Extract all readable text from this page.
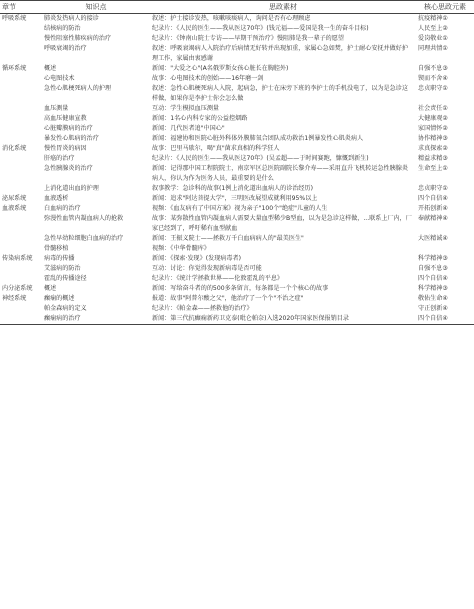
章节	知识点	思政素材	核心思政元素
呼吸系统	肺炎发热病人的接诊	叙述：护士接诊发热，咳嗽咳痰病人，询问是否有心理顾虑	抗疫精神①
	结核病的防治	纪录片：《人民的医生——我从医这70年》(钱元福——爱国是我一生的奋斗目标)	人民至上②
	慢性阻塞性肺疾病的治疗	纪录片：《钟南山院士专访——早期干预治疗》慢阻肺是我一辈子的愿望	爱岗敬业①
	呼吸衰竭的治疗	叙述：呼吸衰竭病人入院治疗后病情无好转并出现加重，家属心急如焚，护士耐心安抚并做好护理工作，家属由衷感谢	同理共情①
循环系统	概述	新闻："大爱之心"(A名俄罗斯女孩心脏长在胸腔外)	自强不息③
	心电图技术	故事：心电图技术的创始——16年磨一剑	锲而不舍④
	急性心肌梗死病人的护理	叙述：急性心肌梗死病人入院，起病急，护士在床旁下班的李护士的手机没电了，以为是急诊这样做，如果你是李护士你会怎么做	忠贞职守①
	血压测量	互动：学生模拟血压测量	社会责任①
	高血压健康宣教	新闻：1名心内科专家的公益控烟路	大健康观②
	心脏瓣膜病的治疗	新闻：几代医者追"中国心"	家国情怀②
	暴发性心肌病的治疗	新闻：福建协和医院心脏外科体外膜肺氧合团队成功救治1例暴发性心肌炎病人	协作精神③
消化系统	慢性胃炎的病因	故事：巴里马歇尔，喝"真"菌求真相的科学狂人	求真探索②
	肝癌的治疗	纪录片：《人民的医生——我从医这70年》(吴孟超——于时间赛跑，慷慨到新生)	精益求精③
	急性胰腺炎的治疗	新闻：记得那中国工程院院士，南京军区总医院副院长黎介寿——采用直升飞机转运急性胰腺炎病人，你认为作为医务人员，最重要的是什么	生命至上①
	上消化道出血的护理	叙事教学：急诊科的故事(1例上消化道出血病人的诊治经历)	忠贞职守①
泌尿系统	血液透析	新闻：追求"阿达菩提大学"，三明医改展望成就利用95%以上	四个自信④
血液系统	白血病的治疗	视频：《血友病有了中国方案》视为亲子"100个"绝症"儿童的人生	开拓创新④
	弥漫性血管内凝血病人的抢救	故事：某弥散性血管内凝血病人需要大量血型稀少B型血，以为是急诊这样做，...联系上厂内，厂家已经到了，呼吁稀有血型献血	奉献精神④
	急性早幼粒细胞白血病的治疗	新闻：王振义院士——拯救万千白血病病人的"最美医生"	大医精诚④
	骨髓移植	视频：《中华骨髓库》	
传染病系统	病毒的传播	新闻：《探索·发现》(发现病毒者)	科学精神③
	艾滋病的防治	互动：讨论：你觉得发现新病毒是否可能	自强不息③
	霍乱的传播途径	纪录片：《统计学拯救世界——伦敦霍乱的平息》	四个自信④
内分泌系统	概述	新闻：写给奋斗者的的500多条留言，每条都是一个个核心的故事	科学精神③
神经系统	癫痫的概述	报道：故事"阿普尔酸之父"，他治疗了一个个"不治之症"	敬佑生命④
	帕金森病的定义	纪录片：《帕金森——拯救他的治疗》	守正创新④
	癫痫病的治疗	新闻：第三代抗癫痫新药卫克泰(吡仑帕奈)入选2020年国家医保报销目录	四个自信④
